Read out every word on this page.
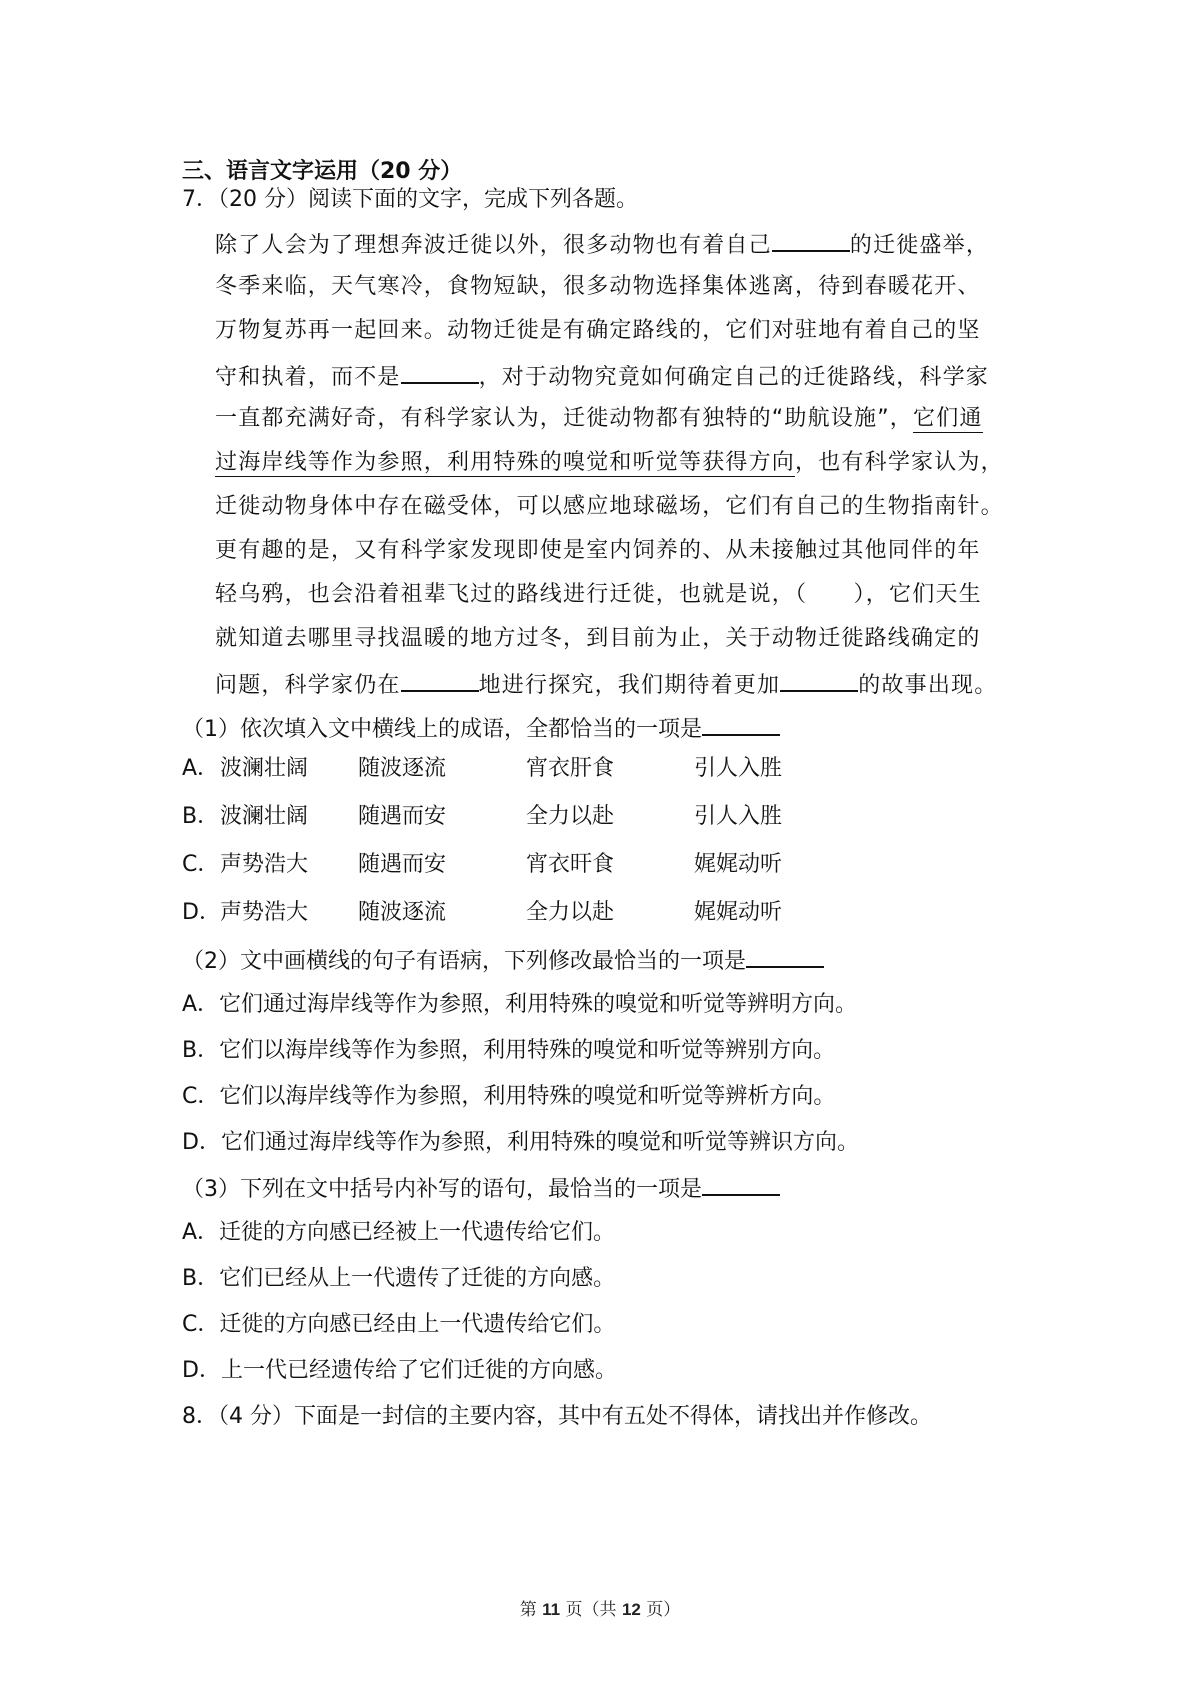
三、语言文字运用（20 分）
7．（20 分）阅读下面的文字，完成下列各题。
除了人会为了理想奔波迁徙以外，很多动物也有着自己	的迁徙盛举，
冬季来临，天气寒冷，食物短缺，很多动物选择集体逃离，待到春暖花开、
万物复苏再一起回来。动物迁徙是有确定路线的，它们对驻地有着自己的坚
守和执着，而不是	，对于动物究竟如何确定自己的迁徙路线，科学家
一直都充满好奇，有科学家认为，迁徙动物都有独特的“助航设施”，它们通
过海岸线等作为参照，利用特殊的嗅觉和听觉等获得方向，也有科学家认为，
迁徙动物身体中存在磁受体，可以感应地球磁场，它们有自己的生物指南针。
更有趣的是，又有科学家发现即使是室内饲养的、从未接触过其他同伴的年
轻乌鸦，也会沿着祖辈飞过的路线进行迁徙，也就是说，（　　），它们天生
就知道去哪里寻找温暖的地方过冬，到目前为止，关于动物迁徙路线确定的
问题，科学家仍在	地进行探究，我们期待着更加	的故事出现。
（1）依次填入文中横线上的成语，全都恰当的一项是
A． 波澜壮阔 随波逐流	宵衣肝食	引人入胜
B． 波澜壮阔 随遇而安	全力以赴	引人入胜
C． 声势浩大 随遇而安	宵衣旰食	娓娓动听
D． 声势浩大 随波逐流	全力以赴	娓娓动听
（2）文中画横线的句子有语病，下列修改最恰当的一项是
A．它们通过海岸线等作为参照，利用特殊的嗅觉和听觉等辨明方向。
B．它们以海岸线等作为参照，利用特殊的嗅觉和听觉等辨别方向。
C．它们以海岸线等作为参照，利用特殊的嗅觉和听觉等辨析方向。
D．它们通过海岸线等作为参照，利用特殊的嗅觉和听觉等辨识方向。
（3）下列在文中括号内补写的语句，最恰当的一项是
A．迁徙的方向感已经被上一代遗传给它们。
B．它们已经从上一代遗传了迁徙的方向感。
C．迁徙的方向感已经由上一代遗传给它们。
D．上一代已经遗传给了它们迁徙的方向感。
8．（4 分）下面是一封信的主要内容，其中有五处不得体，请找出并作修改。
第 11 页（共 12 页）
